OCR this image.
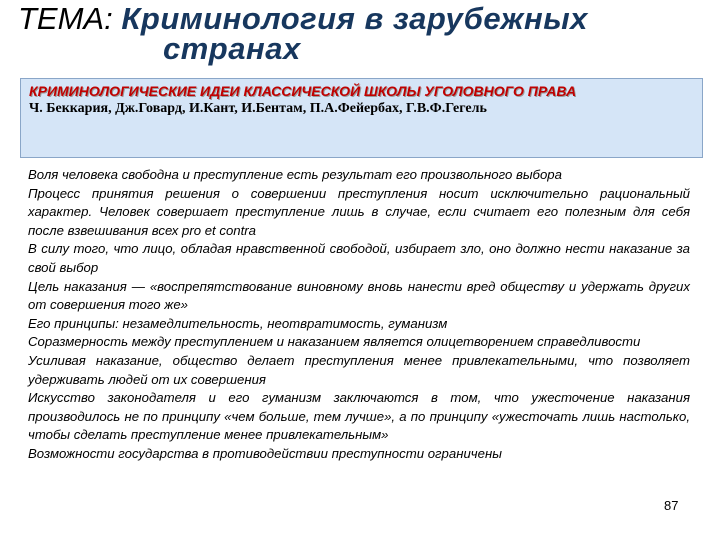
ТЕМА: Криминология в зарубежных
странах

КРИМИНОЛОГИЧЕСКИЕ ИДЕИ КЛАССИЧЕСКОЙ ШКОЛЫ УГОЛОВНОГО ПРАВА

Ч. Беккария, Дж.Говард, И.Кант, И.Бентам, П.А.Фейербах, Г.В.Ф.Гегель

Воля человека свободна и преступление есть результат его произвольного выбора
Процесс принятия решения о совершении преступления носит исключительно рациональный характер. Человек совершает преступление лишь в случае, если считает его полезным для себя после взвешивания всех pro et contra
В силу того, что лицо, обладая нравственной свободой, избирает зло, оно должно нести наказание за свой выбор
Цель наказания — «воспрепятствование виновному вновь нанести вред обществу и удержать других от совершения того же»
Его принципы: незамедлительность, неотвратимость, гуманизм
Соразмерность между преступлением и наказанием является олицетворением справедливости
Усиливая наказание, общество делает преступления менее привлекательными, что позволяет удерживать людей от их совершения
Искусство законодателя и его гуманизм заключаются в том, что ужесточение наказания производилось не по принципу «чем больше, тем лучше», а по принципу «ужесточать лишь настолько, чтобы сделать преступление менее привлекательным»
Возможности государства в противодействии преступности ограничены
87
